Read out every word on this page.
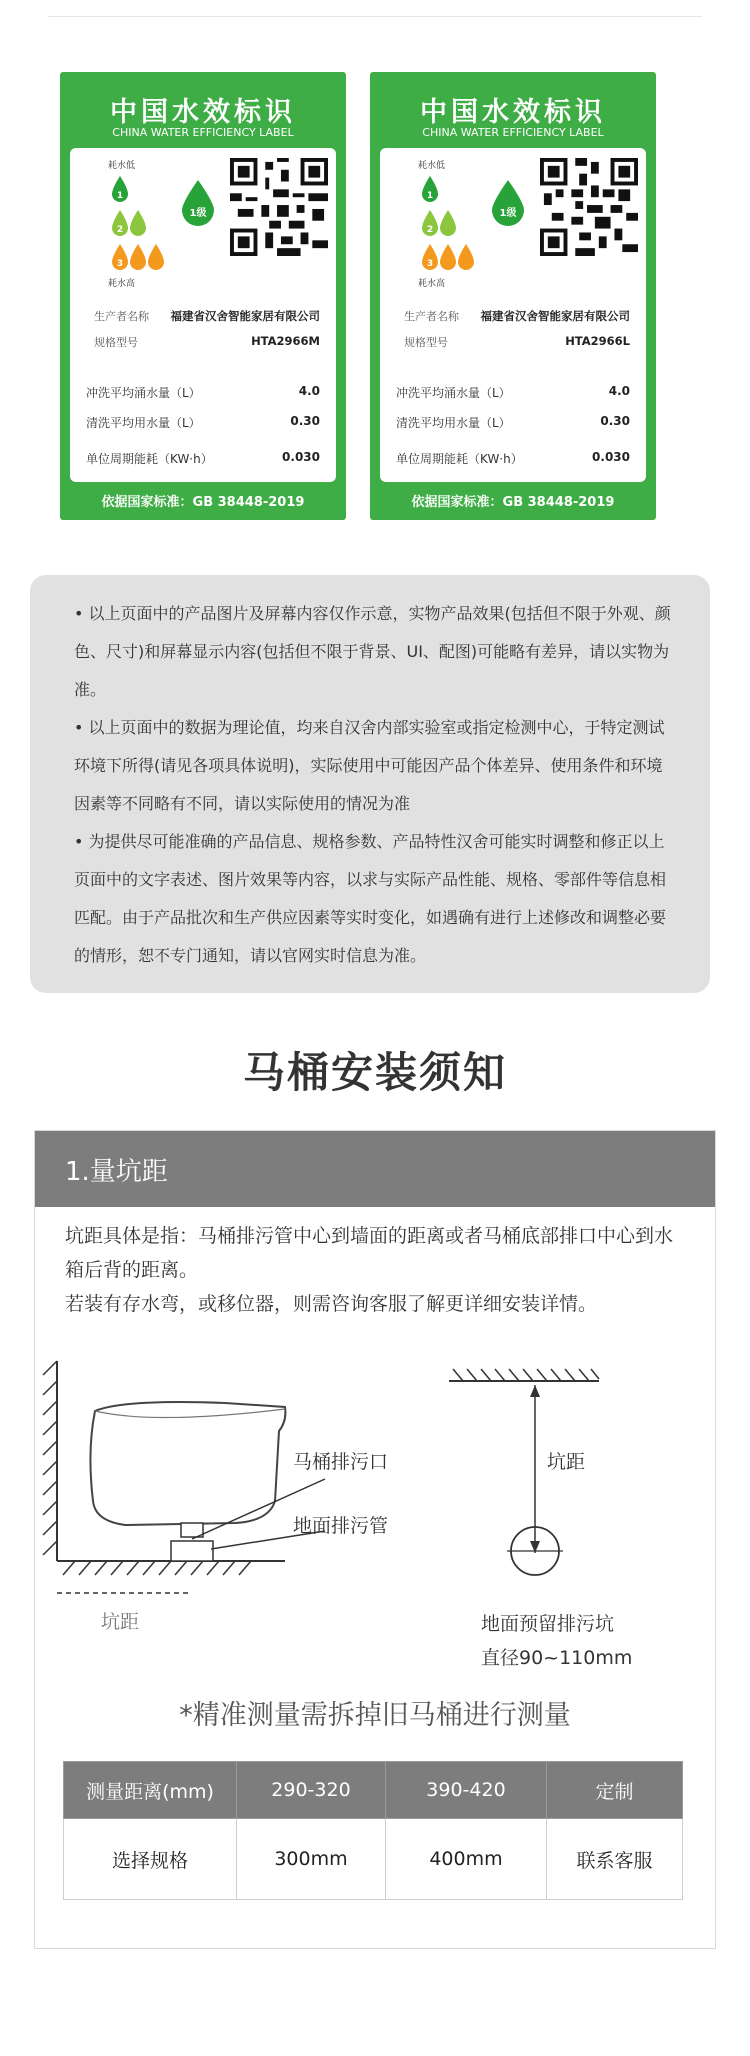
中国水效标识
CHINA WATER EFFICIENCY LABEL
耗水低
1
2
3
耗水高
1级
生产者名称 福建省汉舍智能家居有限公司
规格型号	HTA2966M
冲洗平均涌水量（L）	4.0
清洗平均用水量（L）	0.30
单位周期能耗（KW·h）	0.030
依据国家标准：GB 38448-2019
中国水效标识
CHINA WATER EFFICIENCY LABEL
耗水低
1
2
3
耗水高
1级
生产者名称 福建省汉舍智能家居有限公司
规格型号	HTA2966L
冲洗平均涌水量（L）	4.0
清洗平均用水量（L）	0.30
单位周期能耗（KW·h）	0.030
依据国家标准：GB 38448-2019

• 以上页面中的产品图片及屏幕内容仅作示意，实物产品效果(包括但不限于外观、颜色、尺寸)和屏幕显示内容(包括但不限于背景、UI、配图)可能略有差异，请以实物为准。

• 以上页面中的数据为理论值，均来自汉舍内部实验室或指定检测中心，于特定测试环境下所得(请见各项具体说明)，实际使用中可能因产品个体差异、使用条件和环境因素等不同略有不同，请以实际使用的情况为准

• 为提供尽可能准确的产品信息、规格参数、产品特性汉舍可能实时调整和修正以上页面中的文字表述、图片效果等内容，以求与实际产品性能、规格、零部件等信息相匹配。由于产品批次和生产供应因素等实时变化，如遇确有进行上述修改和调整必要的情形，恕不专门通知，请以官网实时信息为准。

马桶安装须知
1.量坑距

坑距具体是指：马桶排污管中心到墙面的距离或者马桶底部排口中心到水箱后背的距离。
若装有存水弯，或移位器，则需咨询客服了解更详细安装详情。

马桶排污口
地面排污管
坑距
坑距
地面预留排污坑
直径90~110mm
*精准测量需拆掉旧马桶进行测量
测量距离(mm)	290-320	390-420	定制
选择规格	300mm	400mm	联系客服
